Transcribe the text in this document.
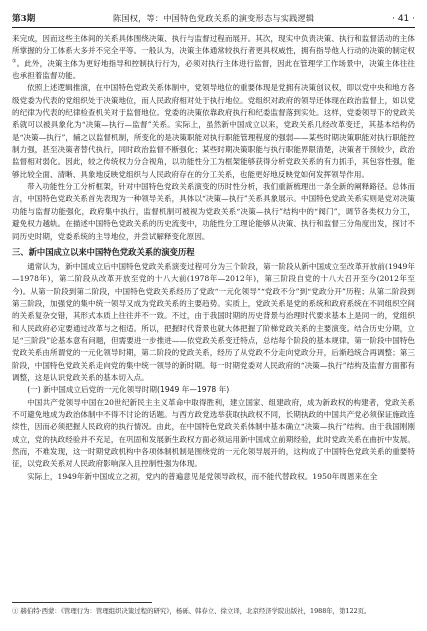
第3期	陈国权，等：中国特色党政关系的演变形态与实践逻辑	· 41 ·

来完成，因而这些主体间的关系具体围绕决策、执行与监督过程而展开。其次，现实中负责决策、执行和监督活动的主体所掌握的分工体系大多并不完全平等。一般认为，决策主体通常较执行者更具权威性，拥有指导他人行动的决策的制定权①。此外，决策主体为更好地指导和控制执行行为，必须对执行主体进行监督，因此在管理学工作场景中，决策主体往往也承担着监督功能。

依照上述逻辑推演，在中国特色党政关系体制中，党领导地位的重要体现是党拥有决策创议权，即以党中央和地方各级党委为代表的党组织处于决策地位，而人民政府相对处于执行地位。党组织对政府的领导还体现在政治监督上，如以党的纪律为代表的纪律检查机关对于监督地位。党委的决策依靠政府执行和纪委监督落到实处。这样，党委领导下的党政关系就可以被具象化为“决策—执行—监督”关系。实际上，虽然新中国成立以来，党政关系几经改革变迁，其基本结构仍是“决策—执行”，辅之以监督机制，所变化的是决策职能对执行职能管理程度的强弱——某些时期决策职能对执行职能控制力强，甚至决策者替代执行，同时政治监督不断强化；某些时期决策职能与执行职能界限清楚，决策者干预较少，政治监督相对弱化。因此，较之传统权力分合视角，以功能性分工为框架能够获得分析党政关系的有力抓手，其包容性强，能够比较全面、清晰、具象地反映党组织与人民政府存在的分工关系，也能更好地反映党如何发挥领导作用。

带入功能性分工分析框架，针对中国特色党政关系演变的历时性分析，我们重新梳理出一条全新的阐释路径。总体而言，中国特色党政关系首先表现为一种领导关系，具体以“决策—执行”关系具象展示。中国特色党政关系实则是党对决策功能与监督功能强化，政府集中执行，监督机制可被视为党政关系“决策—执行”结构中的“阀门”，调节各类权力分工，避免权力越轨。在描述中国特色党政关系的历史流变中，功能性分工理论能够从决策、执行和监督三分角度出发，探讨不同历史时期，党委系统的主导地位，并尝试解释变化原因。

三、新中国成立以来中国特色党政关系的演变历程

通常认为，新中国成立后中国特色党政关系演变过程可分为三个阶段，第一阶段从新中国成立至改革开放前(1949年—1978年)，第二阶段从改革开放至党的十八大前(1978年—2012年)，第三阶段自党的十八大召开至今(2012年至今)。从第一阶段到第二阶段，中国特色党政关系经历了党政“一元化领导”“党政不分”到“党政分开”历程；从第二阶段到第三阶段，加强党的集中统一领导又成为党政关系的主要趋势。实质上，党政关系是党的系统和政府系统在不同组织空间的关系复杂交错，其形式本质上往往并不一致。不过，由于我国时期的历史背景与治理时代要求基本上是同一的，党组织和人民政府必定要通过改革与之相适。所以，把握时代背景也就大体把握了阶梯党政关系的主要演变。结合历史分期，立足“三阶段”论基本意有问题，但需要进一步推进——依党政关系变迁特点，总结每个阶段的基本规律。第一阶段中国特色党政关系由所谓党的一元化领导时期，第二阶段的党政关系，经历了从党政不分走向党政分开，后渐趋统合再调整；第三阶段，中国特色党政关系走向党的集中统一领导的新时期。每一时期党委对人民政府的“决策—执行”结构及监督方面都有调整，这是认识党政关系的基本切入点。

(一) 新中国成立后党的一元化领导时期(1949 年—1978 年)

中国共产党领导中国在20世纪新民主主义革命中取得胜利，建立国家、组建政府，成为新政权的构建者，党政关系不可避免地成为政治体制中不得不讨论的话题。与西方政党选举获取执政权不同，长期执政的中国共产党必须保证施政连续性，因而必须把握人民政府的执行情况。由此，在中国特色党政关系体制中基本确立“决策—执行”结构。由于我国刚刚成立，党的执政经验并不充足，在巩固和发展新生政权方面必须运用新中国成立前期经验，此时党政关系在曲折中发展。然而，不难发现，这一时期党政机构中各项体制机制是围绕党的一元化领导展开的，这构成了中国特色党政关系的重要特征，以党政关系对人民政府影响深入且控制性强为体现。

实际上，1949年新中国成立之初，党内的普遍意见是党领导政权，而不能代替政权。1950年周恩来在全

① 赫伯特·西蒙：《管理行为：管理组织决策过程的研究》，杨砾、韩春立、徐立译，北京经济学院出版社，1988年，第122页。
